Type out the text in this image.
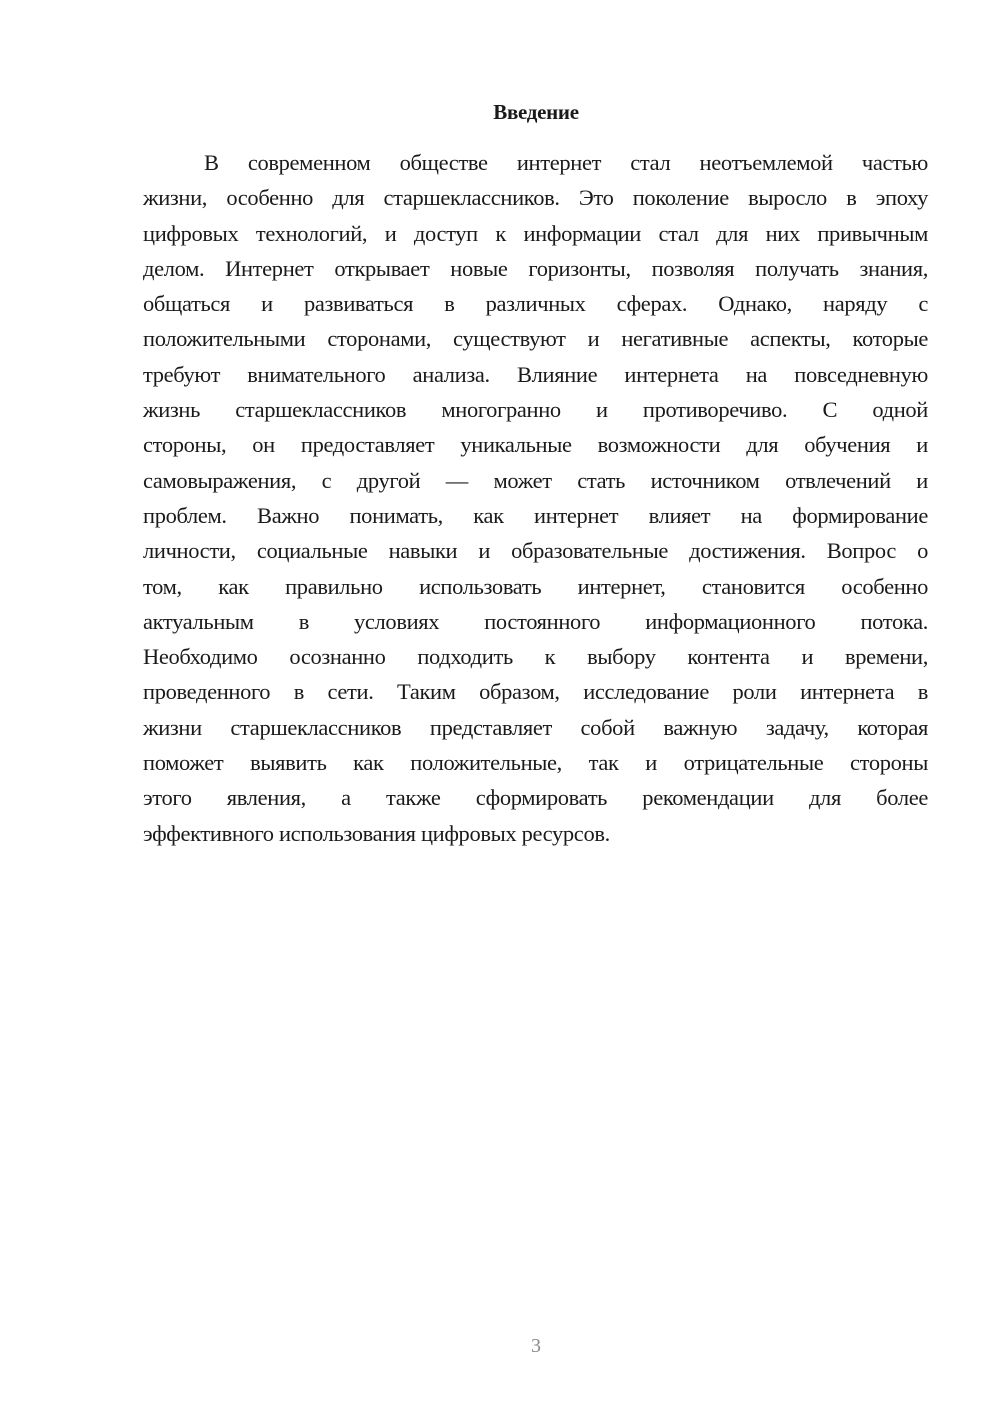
Введение
В современном обществе интернет стал неотъемлемой частью
жизни, особенно для старшеклассников. Это поколение выросло в эпоху
цифровых технологий, и доступ к информации стал для них привычным
делом. Интернет открывает новые горизонты, позволяя получать знания,
общаться и развиваться в различных сферах. Однако, наряду с
положительными сторонами, существуют и негативные аспекты, которые
требуют внимательного анализа. Влияние интернета на повседневную
жизнь старшеклассников многогранно и противоречиво. С одной
стороны, он предоставляет уникальные возможности для обучения и
самовыражения, с другой — может стать источником отвлечений и
проблем. Важно понимать, как интернет влияет на формирование
личности, социальные навыки и образовательные достижения. Вопрос о
том, как правильно использовать интернет, становится особенно
актуальным в условиях постоянного информационного потока.
Необходимо осознанно подходить к выбору контента и времени,
проведенного в сети. Таким образом, исследование роли интернета в
жизни старшеклассников представляет собой важную задачу, которая
поможет выявить как положительные, так и отрицательные стороны
этого явления, а также сформировать рекомендации для более
эффективного использования цифровых ресурсов.
3
